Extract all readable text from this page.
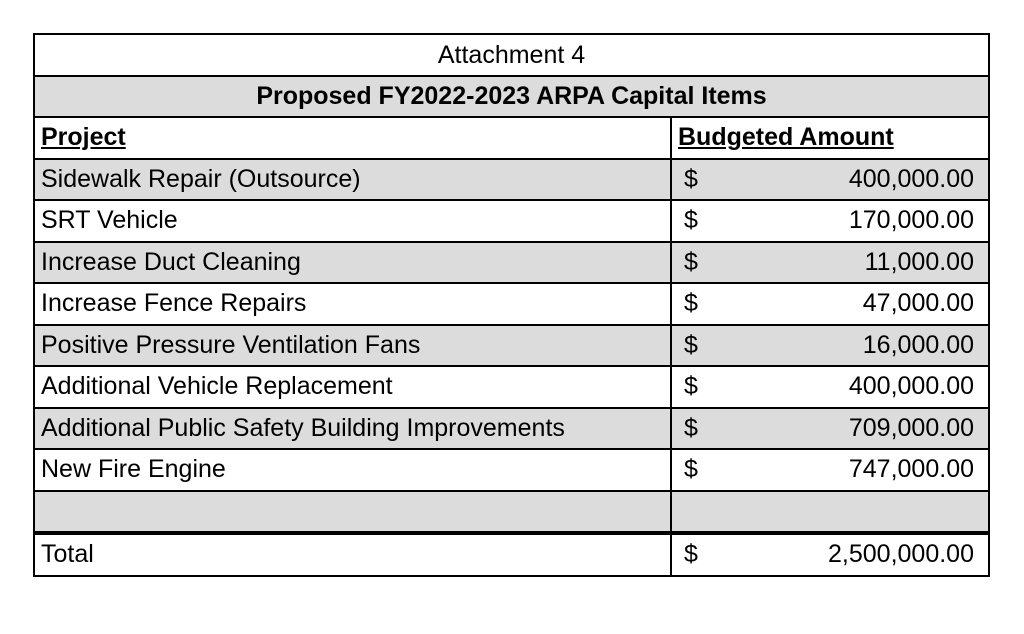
Attachment 4
Proposed FY2022-2023 ARPA Capital Items
Project	Budgeted Amount
Sidewalk Repair (Outsource)	$	400,000.00
SRT Vehicle	$	170,000.00
Increase Duct Cleaning	$	11,000.00
Increase Fence Repairs	$	47,000.00
Positive Pressure Ventilation Fans	$	16,000.00
Additional Vehicle Replacement	$	400,000.00
Additional Public Safety Building Improvements	$	709,000.00
New Fire Engine	$	747,000.00
Total	$	2,500,000.00
